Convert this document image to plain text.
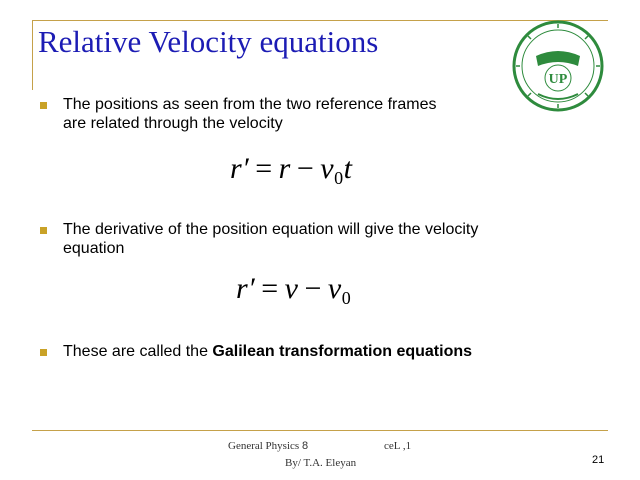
Relative Velocity equations
UP
The positions as seen from the two reference frames
are related through the velocity
$r' = r - v_0t$
The derivative of the position equation will give the velocity
equation
$r' = v - v_0$
These are called the Galilean transformation equations
General Physics 8	ceL ,1
By/ T.A. Eleyan	21
